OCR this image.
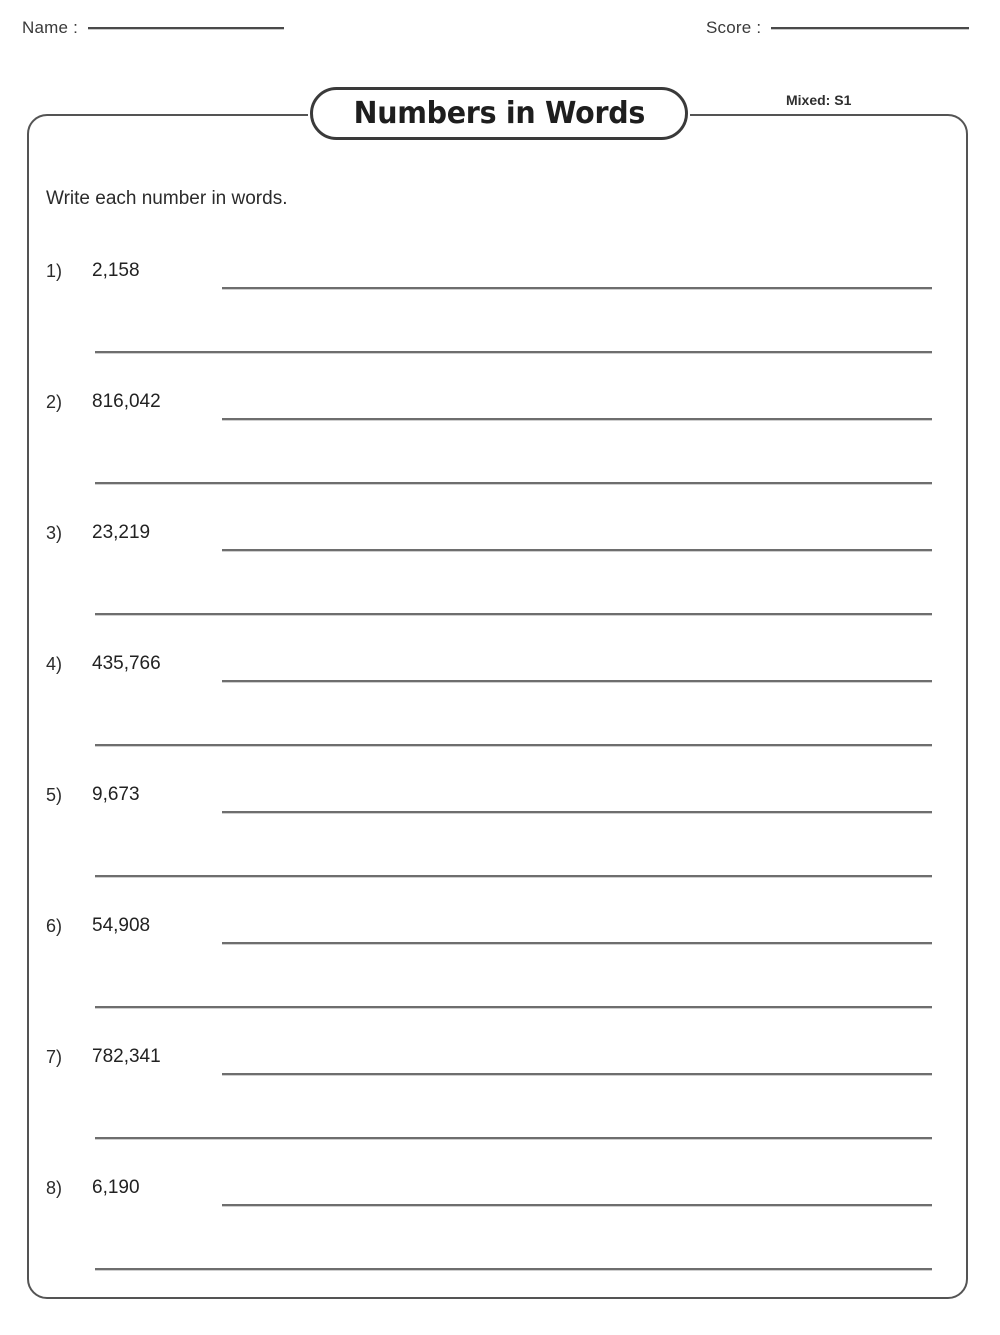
Name :	Score :
Write each number in words.
1) 2,158
2) 816,042
3) 23,219
4) 435,766
5) 9,673
6) 54,908
7) 782,341
8) 6,190
Numbers in Words	Mixed: S1
